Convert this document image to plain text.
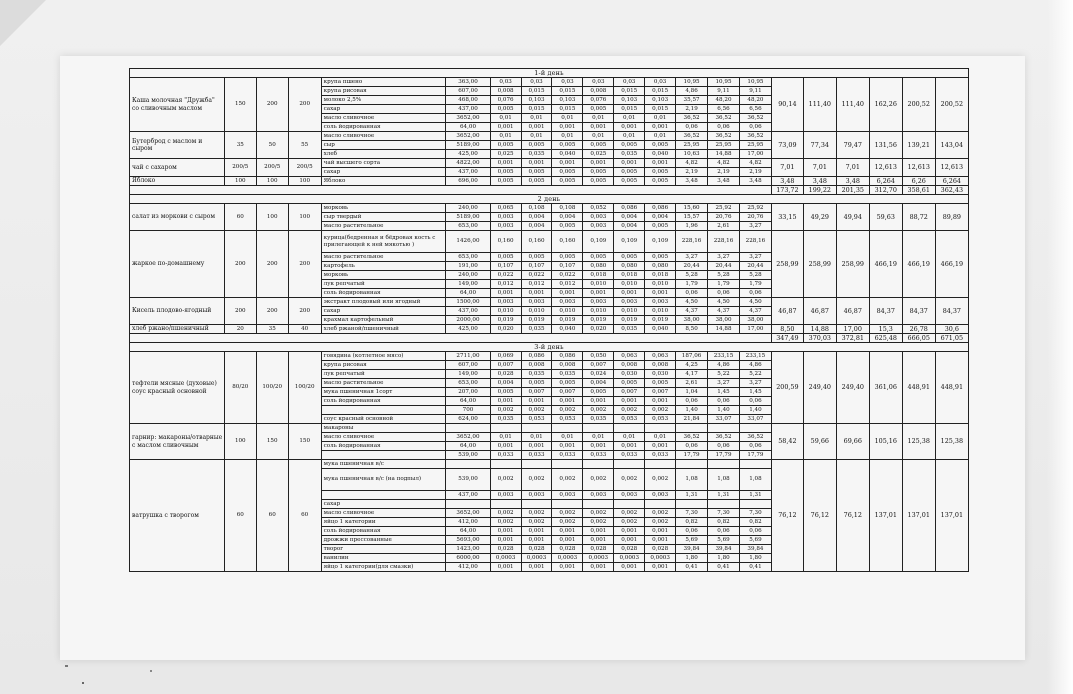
1-й день																				
Каша молочная "Дружба" со сливочным маслом	150	200	200	крупа пшено	363,00	0,03	0,03	0,03	0,03	0,03	0,03	10,95	10,95	10,95	90,14	111,40	111,40	162,26	200,52	200,52
				крупа рисовая	607,00	0,008	0,015	0,015	0,008	0,015	0,015	4,86	9,11	9,11						
				молоко 2,5%	468,00	0,076	0,103	0,103	0,076	0,103	0,103	35,57	48,20	48,20						
				сахар	437,00	0,005	0,015	0,015	0,005	0,015	0,015	2,19	6,56	6,56						
				масло сливочное	3652,00	0,01	0,01	0,01	0,01	0,01	0,01	36,52	36,52	36,52						
				соль йодированная	64,00	0,001	0,001	0,001	0,001	0,001	0,001	0,06	0,06	0,06						
Бутерброд с маслом и сыром	35	50	55	масло сливочное	3652,00	0,01	0,01	0,01	0,01	0,01	0,01	36,52	36,52	36,52	73,09	77,34	79,47	131,56	139,21	143,04
				сыр	5189,00	0,005	0,005	0,005	0,005	0,005	0,005	25,95	25,95	25,95						
				хлеб	425,00	0,025	0,035	0,040	0,025	0,035	0,040	10,63	14,88	17,00						
чай с сахаром	200/5	200/5	200/5	чай высшего сорта	4822,00	0,001	0,001	0,001	0,001	0,001	0,001	4,82	4,82	4,82	7,01	7,01	7,01	12,613	12,613	12,613
				сахар	437,00	0,005	0,005	0,005	0,005	0,005	0,005	2,19	2,19	2,19						
Яблоко	100	100	100	Яблоко	696,00	0,005	0,005	0,005	0,005	0,005	0,005	3,48	3,48	3,48	3,48	3,48	3,48	6,264	6,26	6,264
															173,72	199,22	201,35	312,70	358,61	362,43
2 день																				
салат из моркови с сыром	60	100	100	морковь	240,00	0,065	0,108	0,108	0,052	0,086	0,086	15,60	25,92	25,92	33,15	49,29	49,94	59,63	88,72	89,89
				сыр твердый	5189,00	0,003	0,004	0,004	0,003	0,004	0,004	15,57	20,76	20,76						
				масло растительное	653,00	0,003	0,004	0,005	0,003	0,004	0,005	1,96	2,61	3,27						
жаркое по-домашнему	200	200	200	курица(бедренная и бёдровая кость с прилегающей к ней мякотью )	1426,00	0,160	0,160	0,160	0,109	0,109	0,109	228,16	228,16	228,16	258,99	258,99	258,99	466,19	466,19	466,19
				масло растительное	653,00	0,005	0,005	0,005	0,005	0,005	0,005	3,27	3,27	3,27						
				картофель	191,00	0,107	0,107	0,107	0,080	0,080	0,080	20,44	20,44	20,44						
				морковь	240,00	0,022	0,022	0,022	0,018	0,018	0,018	5,28	5,28	5,28						
				лук репчатый	149,00	0,012	0,012	0,012	0,010	0,010	0,010	1,79	1,79	1,79						
				соль йодированная	64,00	0,001	0,001	0,001	0,001	0,001	0,001	0,06	0,06	0,06						
Кисель плодово-ягодный	200	200	200	экстракт плодовый или ягодный	1500,00	0,003	0,003	0,003	0,003	0,003	0,003	4,50	4,50	4,50	46,87	46,87	46,87	84,37	84,37	84,37
				сахар	437,00	0,010	0,010	0,010	0,010	0,010	0,010	4,37	4,37	4,37						
				крахмал картофельный	2000,00	0,019	0,019	0,019	0,019	0,019	0,019	38,00	38,00	38,00						
хлеб ржано/пшеничный	20	35	40	хлеб ржаной/пшеничный	425,00	0,020	0,035	0,040	0,020	0,035	0,040	8,50	14,88	17,00	8,50	14,88	17,00	15,3	26,78	30,6
															347,49	370,03	372,81	625,48	666,05	671,05
3-й день																				
тефтели мясные (духовые) соус красный основной	80/20	100/20	100/20	говядина (котлетное мясо)	2711,00	0,069	0,086	0,086	0,050	0,063	0,063	187,06	233,15	233,15	200,59	249,40	249,40	361,06	448,91	448,91
				крупа рисовая	607,00	0,007	0,008	0,008	0,007	0,008	0,008	4,25	4,86	4,86						
				лук репчатый	149,00	0,028	0,035	0,035	0,024	0,030	0,030	4,17	5,22	5,22						
				масло растительное	653,00	0,004	0,005	0,005	0,004	0,005	0,005	2,61	3,27	3,27						
				мука пшеничная 1сорт	207,00	0,005	0,007	0,007	0,005	0,007	0,007	1,04	1,45	1,45						
				соль йодированная	64,00	0,001	0,001	0,001	0,001	0,001	0,001	0,06	0,06	0,06						
					700	0,002	0,002	0,002	0,002	0,002	0,002	1,40	1,40	1,40						
				соус красный основной	624,00	0,035	0,053	0,053	0,035	0,053	0,053	21,84	33,07	33,07						
гарнир: макароны/отварные с маслом сливочным	100	150	150	макароны											58,42	59,66	69,66	105,16	125,38	125,38
				масло сливочное	3652,00	0,01	0,01	0,01	0,01	0,01	0,01	36,52	36,52	36,52						
				соль йодированная	64,00	0,001	0,001	0,001	0,001	0,001	0,001	0,06	0,06	0,06						
					539,00	0,033	0,033	0,033	0,033	0,033	0,033	17,79	17,79	17,79						
ватрушка с творогом	60	60	60	мука пшеничная в/с											76,12	76,12	76,12	137,01	137,01	137,01
				мука пшеничная в/с (на подпыл)	539,00	0,002	0,002	0,002	0,002	0,002	0,002	1,08	1,08	1,08						
					437,00	0,003	0,003	0,003	0,003	0,003	0,003	1,31	1,31	1,31						
				сахар																
				масло сливочное	3652,00	0,002	0,002	0,002	0,002	0,002	0,002	7,30	7,30	7,30						
				яйцо 1 категории	412,00	0,002	0,002	0,002	0,002	0,002	0,002	0,82	0,82	0,82						
				соль йодированная	64,00	0,001	0,001	0,001	0,001	0,001	0,001	0,06	0,06	0,06						
				дрожжи прессованные	5693,00	0,001	0,001	0,001	0,001	0,001	0,001	5,69	5,69	5,69						
				творог	1423,00	0,028	0,028	0,028	0,028	0,028	0,028	39,84	39,84	39,84						
				ванилин	6000,00	0,0003	0,0003	0,0003	0,0003	0,0003	0,0003	1,80	1,80	1,80						
				яйцо 1 категории(для смазки)	412,00	0,001	0,001	0,001	0,001	0,001	0,001	0,41	0,41	0,41						
